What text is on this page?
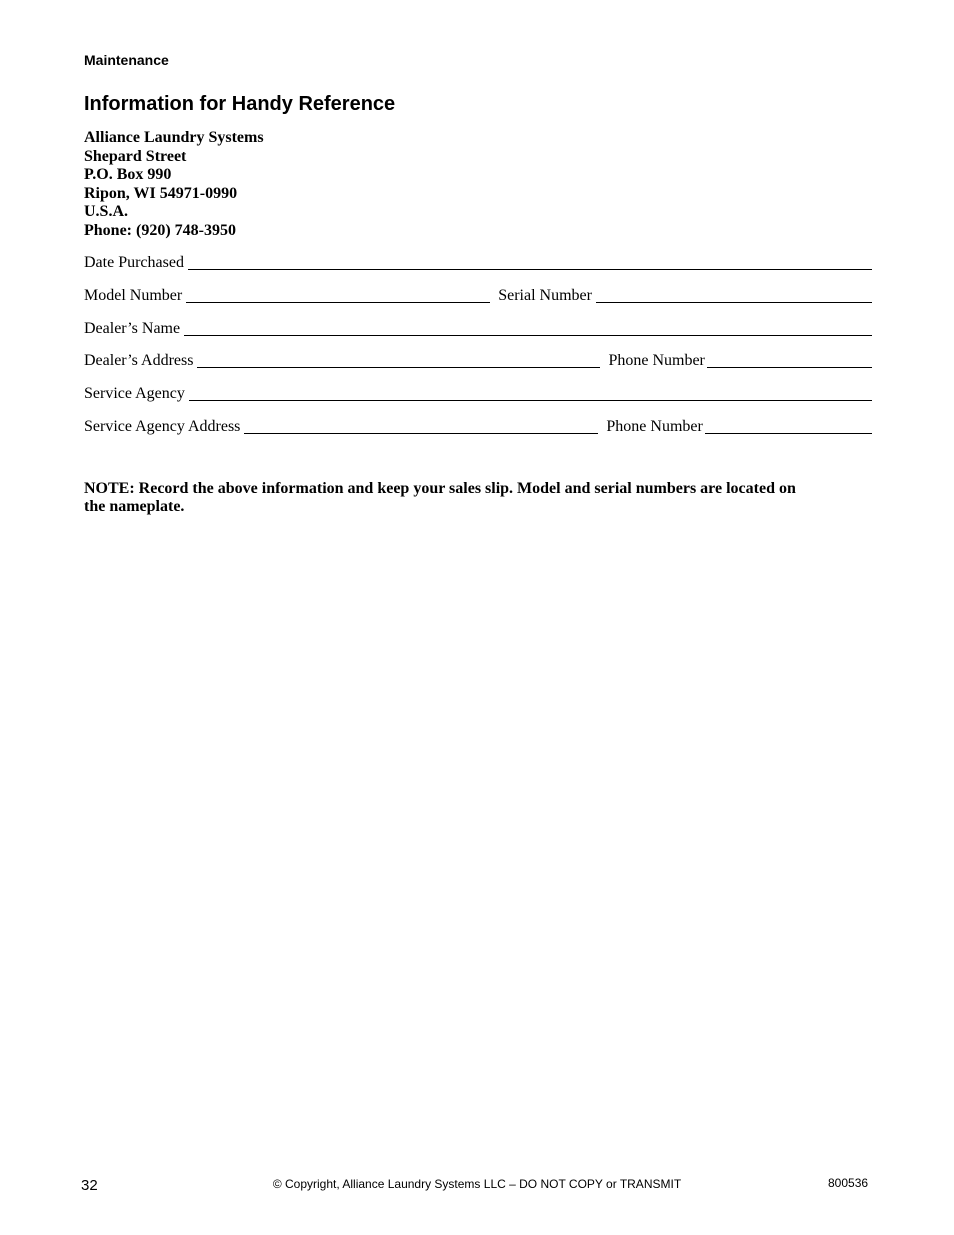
Maintenance
Information for Handy Reference
Alliance Laundry Systems
Shepard Street
P.O. Box 990
Ripon, WI 54971-0990
U.S.A.
Phone: (920) 748-3950
Date Purchased
Model Number	Serial Number
Dealer’s Name
Dealer’s Address	Phone Number
Service Agency
Service Agency Address	Phone Number
NOTE: Record the above information and keep your sales slip. Model and serial numbers are located on the nameplate.
32	© Copyright, Alliance Laundry Systems LLC – DO NOT COPY or TRANSMIT	800536
